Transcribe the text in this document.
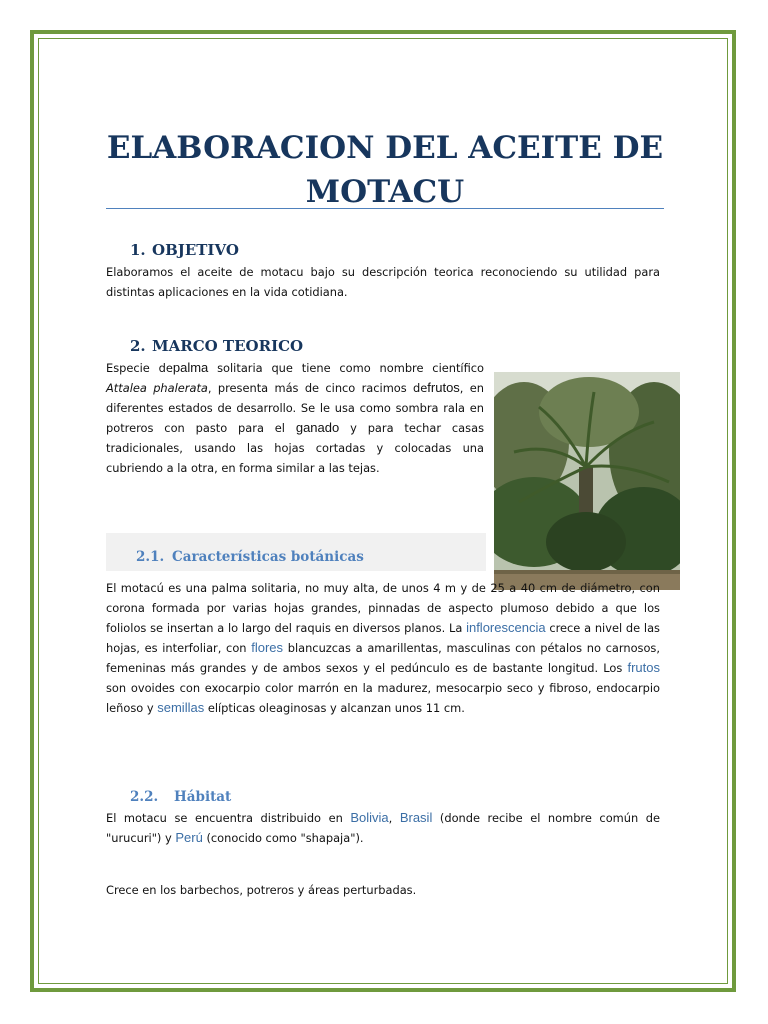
ELABORACION DEL ACEITE DE MOTACU
1. OBJETIVO
Elaboramos el aceite de motacu bajo su descripción teorica reconociendo su utilidad para distintas aplicaciones en la vida cotidiana.
2. MARCO TEORICO
Especie depalma solitaria que tiene como nombre científico Attalea phalerata, presenta más de cinco racimos defrutos, en diferentes estados de desarrollo. Se le usa como sombra rala en potreros con pasto para el ganado y para techar casas tradicionales, usando las hojas cortadas y colocadas una cubriendo a la otra, en forma similar a las tejas.
2.1. Características botánicas
El motacú es una palma solitaria, no muy alta, de unos 4 m y de 25 a 40 cm de diámetro, con corona formada por varias hojas grandes, pinnadas de aspecto plumoso debido a que los foliolos se insertan a lo largo del raquis en diversos planos. La inflorescencia crece a nivel de las hojas, es interfoliar, con flores blancuzcas a amarillentas, masculinas con pétalos no carnosos, femeninas más grandes y de ambos sexos y el pedúnculo es de bastante longitud. Los frutos son ovoides con exocarpio color marrón en la madurez, mesocarpio seco y fibroso, endocarpio leñoso y semillas elípticas oleaginosas y alcanzan unos 11 cm.
2.2. Hábitat
El motacu se encuentra distribuido en Bolivia, Brasil (donde recibe el nombre común de "urucuri") y Perú (conocido como "shapaja").
Crece en los barbechos, potreros y áreas perturbadas.
